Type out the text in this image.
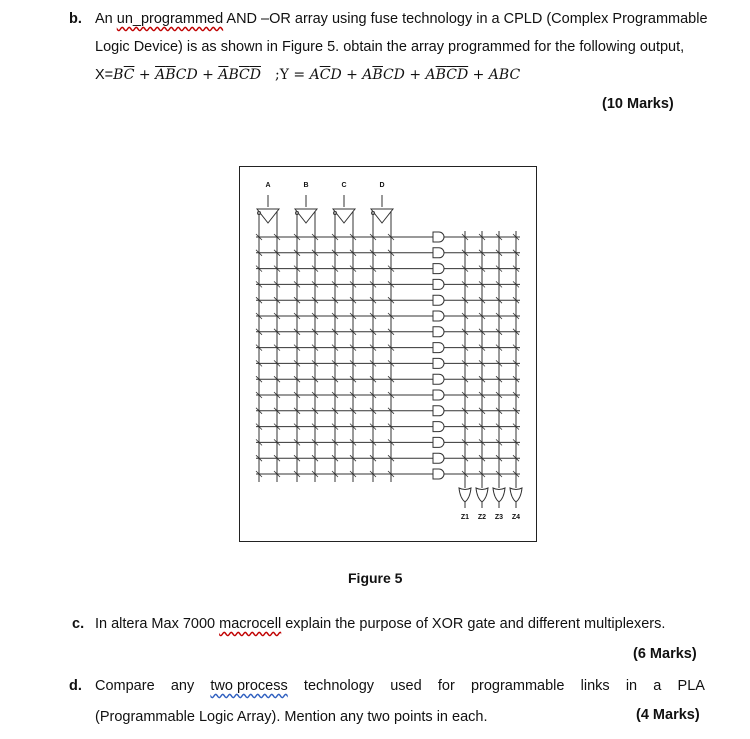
b. An un_programmed AND –OR array using fuse technology in a CPLD (Complex Programmable
Logic Device) is as shown in Figure 5. obtain the array programmed for the following output,
$X=B\overline{C} + \overline{A}\overline{B}CD + \overline{A}B\overline{C}\overline{D}$ ;Y = $A\overline{C}D + A\overline{B}CD + A\overline{B}\overline{C}\overline{D}$ + ABC
(10 Marks)
A	B	C	D
Z1 Z2 Z3 Z4
Figure 5
c. In altera Max 7000 macrocell explain the purpose of XOR gate and different multiplexers.
(6 Marks)
d. Compare any two process technology used for programmable links in a PLA
(Programmable Logic Array). Mention any two points in each.	(4 Marks)
